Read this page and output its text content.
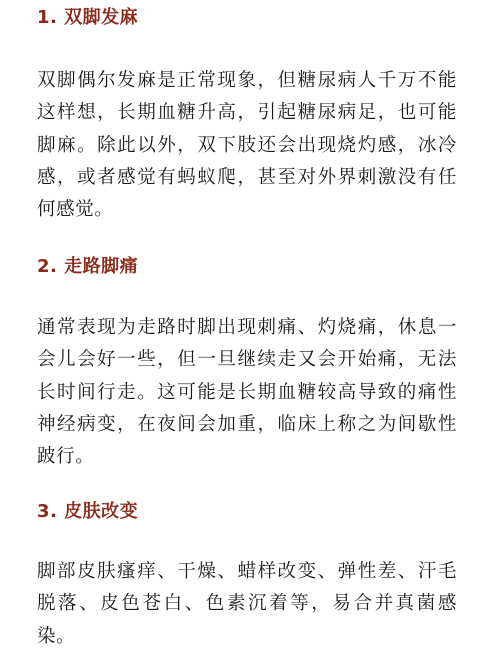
1. 双脚发麻

双脚偶尔发麻是正常现象，但糖尿病人千万不能这样想，长期血糖升高，引起糖尿病足，也可能脚麻。除此以外，双下肢还会出现烧灼感，冰冷感，或者感觉有蚂蚁爬，甚至对外界刺激没有任何感觉。

2. 走路脚痛

通常表现为走路时脚出现刺痛、灼烧痛，休息一会儿会好一些，但一旦继续走又会开始痛，无法长时间行走。这可能是长期血糖较高导致的痛性神经病变，在夜间会加重，临床上称之为间歇性跛行。

3. 皮肤改变

脚部皮肤瘙痒、干燥、蜡样改变、弹性差、汗毛脱落、皮色苍白、色素沉着等，易合并真菌感染。
